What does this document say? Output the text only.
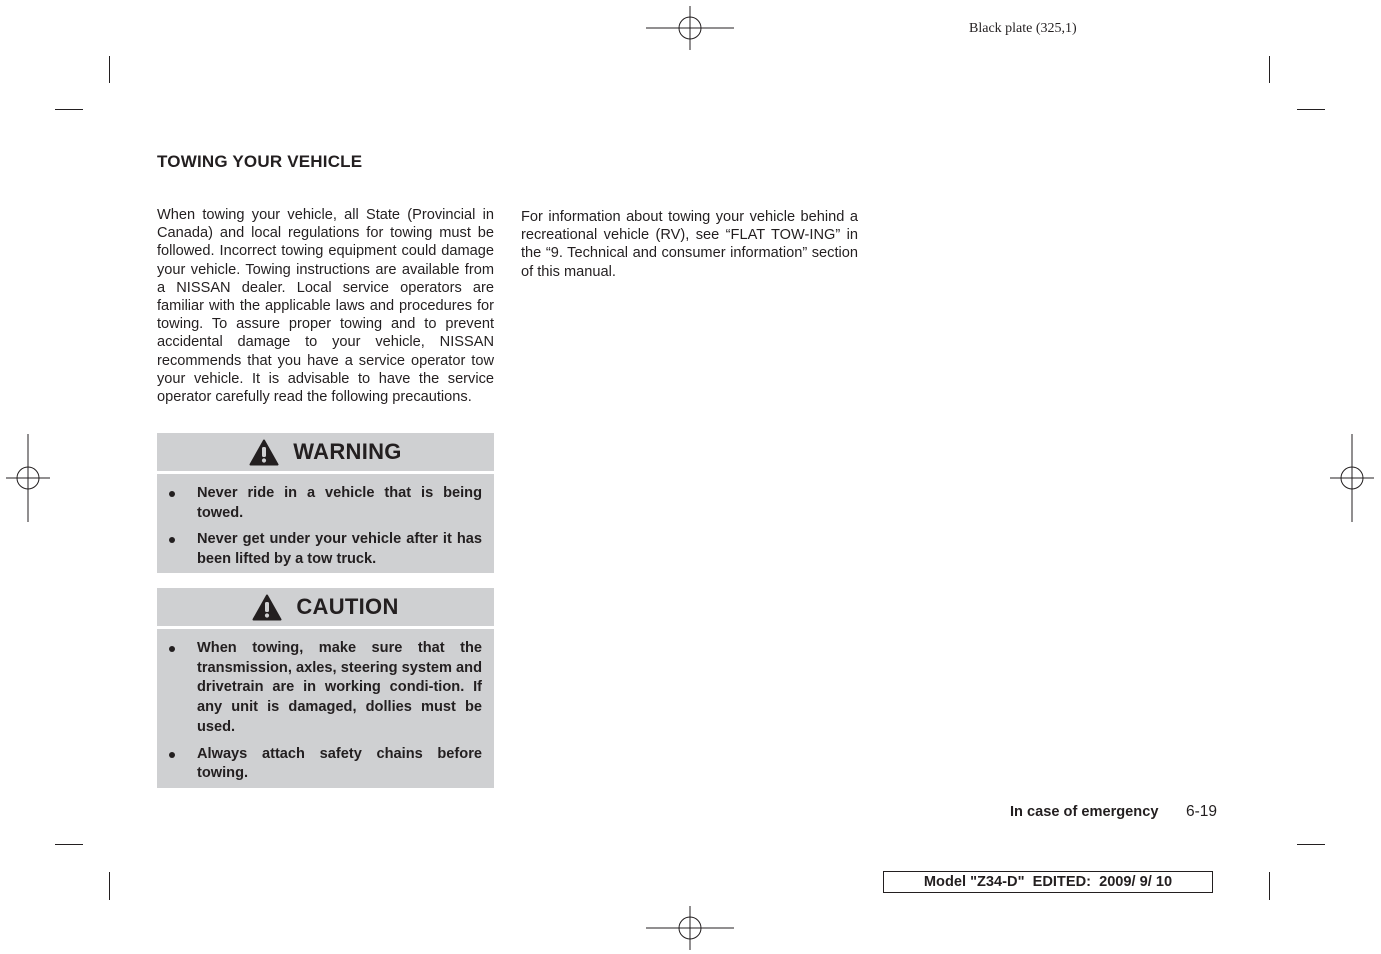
Black plate (325,1)
TOWING YOUR VEHICLE

When towing your vehicle, all State (Provincial in Canada) and local regulations for towing must be followed. Incorrect towing equipment could damage your vehicle. Towing instructions are available from a NISSAN dealer. Local service operators are familiar with the applicable laws and procedures for towing. To assure proper towing and to prevent accidental damage to your vehicle, NISSAN recommends that you have a service operator tow your vehicle. It is advisable to have the service operator carefully read the following precautions.

WARNING
Never ride in a vehicle that is being towed.
Never get under your vehicle after it has been lifted by a tow truck.
CAUTION
When towing, make sure that the transmission, axles, steering system and drivetrain are in working condi-tion. If any unit is damaged, dollies must be used.
Always attach safety chains before towing.

For information about towing your vehicle behind a recreational vehicle (RV), see “FLAT TOW-ING” in the “9. Technical and consumer information” section of this manual.

In case of emergency 6-19
Model " Z34-D "  EDITED:  2009/ 9/ 10
